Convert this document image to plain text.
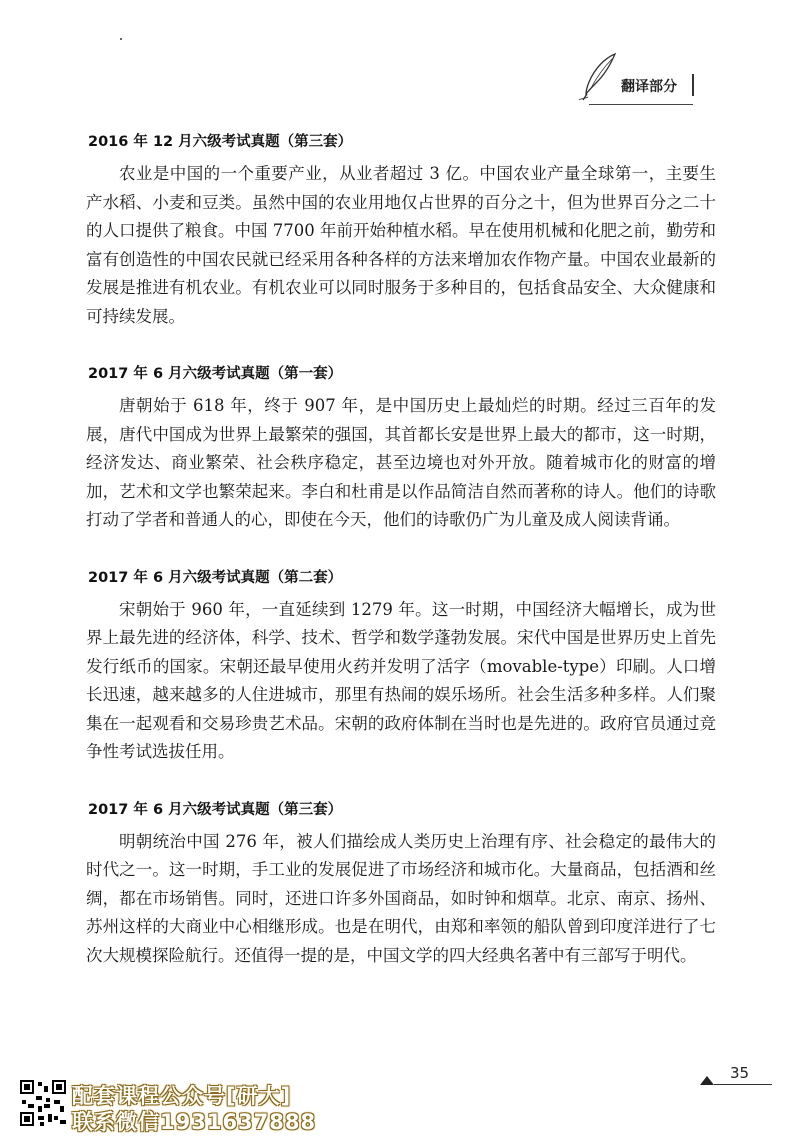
翻译部分
2016 年 12 月六级考试真题（第三套）

农业是中国的一个重要产业，从业者超过 3 亿。中国农业产量全球第一，主要生产水稻、小麦和豆类。虽然中国的农业用地仅占世界的百分之十，但为世界百分之二十的人口提供了粮食。中国 7700 年前开始种植水稻。早在使用机械和化肥之前，勤劳和富有创造性的中国农民就已经采用各种各样的方法来增加农作物产量。中国农业最新的发展是推进有机农业。有机农业可以同时服务于多种目的，包括食品安全、大众健康和可持续发展。

2017 年 6 月六级考试真题（第一套）

唐朝始于 618 年，终于 907 年，是中国历史上最灿烂的时期。经过三百年的发展，唐代中国成为世界上最繁荣的强国，其首都长安是世界上最大的都市，这一时期，经济发达、商业繁荣、社会秩序稳定，甚至边境也对外开放。随着城市化的财富的增加，艺术和文学也繁荣起来。李白和杜甫是以作品简洁自然而著称的诗人。他们的诗歌打动了学者和普通人的心，即使在今天，他们的诗歌仍广为儿童及成人阅读背诵。

2017 年 6 月六级考试真题（第二套）

宋朝始于 960 年，一直延续到 1279 年。这一时期，中国经济大幅增长，成为世界上最先进的经济体，科学、技术、哲学和数学蓬勃发展。宋代中国是世界历史上首先发行纸币的国家。宋朝还最早使用火药并发明了活字（movable-type）印刷。人口增长迅速，越来越多的人住进城市，那里有热闹的娱乐场所。社会生活多种多样。人们聚集在一起观看和交易珍贵艺术品。宋朝的政府体制在当时也是先进的。政府官员通过竞争性考试选拔任用。

2017 年 6 月六级考试真题（第三套）

明朝统治中国 276 年，被人们描绘成人类历史上治理有序、社会稳定的最伟大的时代之一。这一时期，手工业的发展促进了市场经济和城市化。大量商品，包括酒和丝绸，都在市场销售。同时，还进口许多外国商品，如时钟和烟草。北京、南京、扬州、苏州这样的大商业中心相继形成。也是在明代，由郑和率领的船队曾到印度洋进行了七次大规模探险航行。还值得一提的是，中国文学的四大经典名著中有三部写于明代。

35
配套课程公众号[研大]
联系微信1931637888
